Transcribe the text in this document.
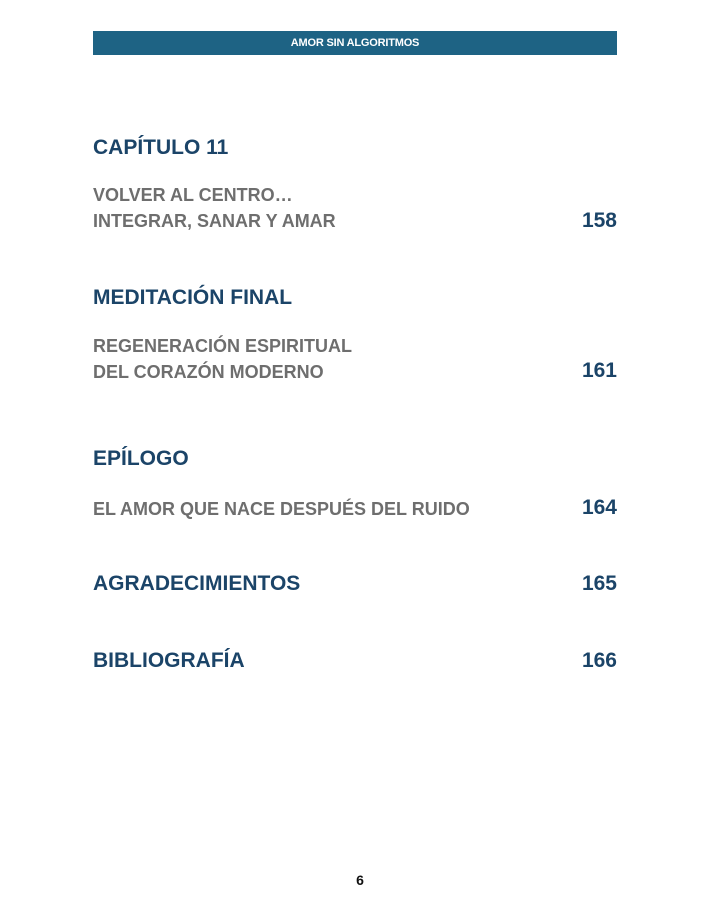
AMOR SIN ALGORITMOS
CAPÍTULO 11
VOLVER AL CENTRO…
INTEGRAR, SANAR Y AMAR	158
MEDITACIÓN FINAL
REGENERACIÓN ESPIRITUAL
DEL CORAZÓN MODERNO	161
EPÍLOGO
EL AMOR QUE NACE DESPUÉS DEL RUIDO	164
AGRADECIMIENTOS	165
BIBLIOGRAFÍA	166
6
